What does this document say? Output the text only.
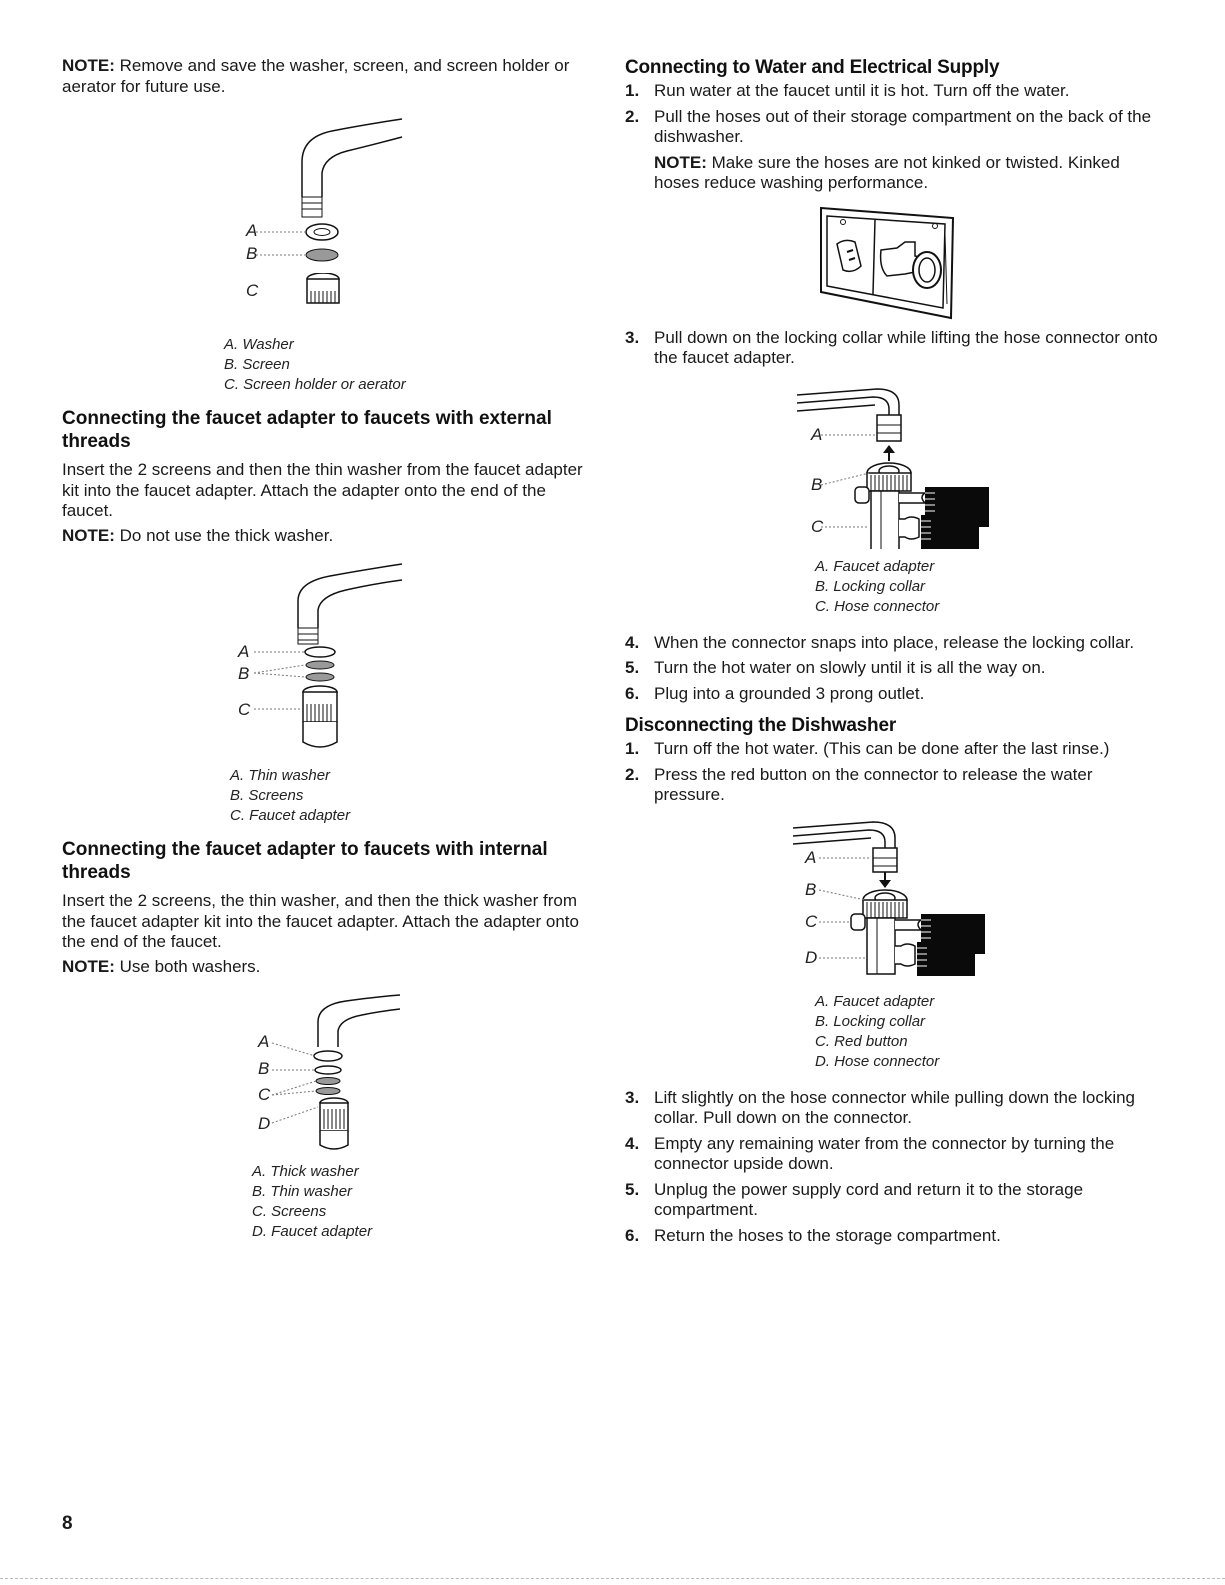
NOTE: Remove and save the washer, screen, and screen holder or aerator for future use.

A
B
C

A. Washer

B. Screen

C. Screen holder or aerator

Connecting the faucet adapter to faucets with external threads

Insert the 2 screens and then the thin washer from the faucet adapter kit into the faucet adapter. Attach the adapter onto the end of the faucet.

NOTE: Do not use the thick washer.

A
B
C

A. Thin washer

B. Screens

C. Faucet adapter

Connecting the faucet adapter to faucets with internal threads

Insert the 2 screens, the thin washer, and then the thick washer from the faucet adapter kit into the faucet adapter. Attach the adapter onto the end of the faucet.

NOTE: Use both washers.

A
B
C
D

A. Thick washer

B. Thin washer

C. Screens

D. Faucet adapter

Connecting to Water and Electrical Supply
1. Run water at the faucet until it is hot. Turn off the water.
2. Pull the hoses out of their storage compartment on the back of the dishwasher.

NOTE: Make sure the hoses are not kinked or twisted. Kinked hoses reduce washing performance.

3. Pull down on the locking collar while lifting the hose connector onto the faucet adapter.
A
B
C

A. Faucet adapter

B. Locking collar

C. Hose connector

4. When the connector snaps into place, release the locking collar.
5. Turn the hot water on slowly until it is all the way on.
6. Plug into a grounded 3 prong outlet.
Disconnecting the Dishwasher
1. Turn off the hot water. (This can be done after the last rinse.)
2. Press the red button on the connector to release the water pressure.
A
B
C
D

A. Faucet adapter

B. Locking collar

C. Red button

D. Hose connector

3. Lift slightly on the hose connector while pulling down the locking collar. Pull down on the connector.
4. Empty any remaining water from the connector by turning the connector upside down.
5. Unplug the power supply cord and return it to the storage compartment.
6. Return the hoses to the storage compartment.
8
